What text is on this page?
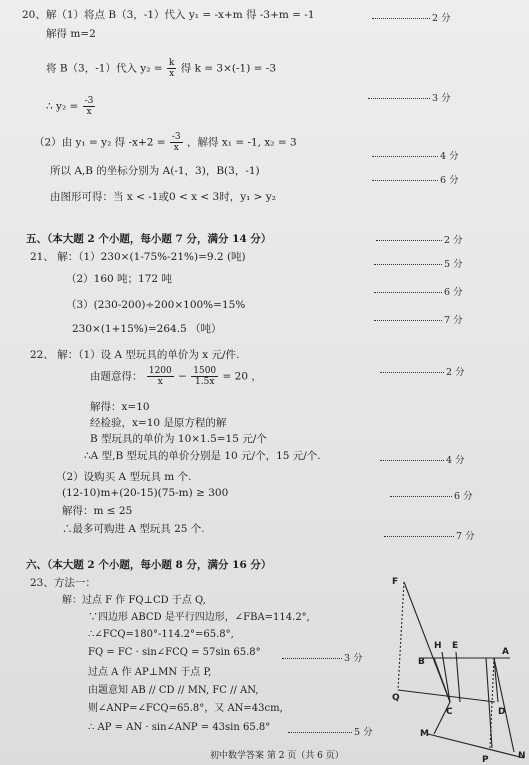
20、解（1）将点 B（3，-1）代入 y₁ = -x+m 得 -3+m = -1	2 分
解得 m=2
将 B（3，-1）代入 $y_2 = \frac{k}{x}$ 得 k = 3×(-1) = -3
3 分
∴ $y_2 = \frac{-3}{x}$
（2）由 y₁ = y₂ 得 $-x+2 = \frac{-3}{x}$ ，解得 x₁ = -1, x₂ = 3
4 分
所以 A,B 的坐标分别为 A(-1，3)，B(3，-1)
6 分
由图形可得：当 x < -1或0 < x < 3时，y₁ > y₂
五、（本大题 2 个小题，每小题 7 分，满分 14 分）	2 分
21、 解：（1）230×(1-75%-21%)=9.2 (吨)
5 分
（2）160 吨；172 吨
6 分
（3）(230-200)÷200×100%=15%
7 分
230×(1+15%)=264.5 （吨）
22、 解：（1）设 A 型玩具的单价为 x 元/件.
由题意得： $\frac{1200}{x} - \frac{1500}{1.5x} = 20$ ，	2 分
解得：x=10
经检验，x=10 是原方程的解
B 型玩具的单价为 10×1.5=15 元/个
∴A 型,B 型玩具的单价分别是 10 元/个，15 元/个.	4 分
（2）设购买 A 型玩具 m 个.
(12-10)m+(20-15)(75-m) ≥ 300	6 分
解得：m ≤ 25
∴最多可购进 A 型玩具 25 个.
7 分
六、（本大题 2 个小题，每小题 8 分，满分 16 分）
23、方法一：
解：过点 F 作 FQ⊥CD 于点 Q,
∵四边形 ABCD 是平行四边形，∠FBA=114.2°,
∴∠FCQ=180°-114.2°=65.8°,
FQ = FC · sin∠FCQ = 57sin 65.8°
3 分
过点 A 作 AP⊥MN 于点 P,
由题意知 AB // CD // MN, FC // AN,
则∠ANP=∠FCQ=65.8°，又 AN=43cm,
∴ AP = AN · sin∠ANP = 43sin 65.8°	5 分
F
H E
A
B
Q
C	D
M
P	N
初中数学答案 第 2 页（共 6 页）
